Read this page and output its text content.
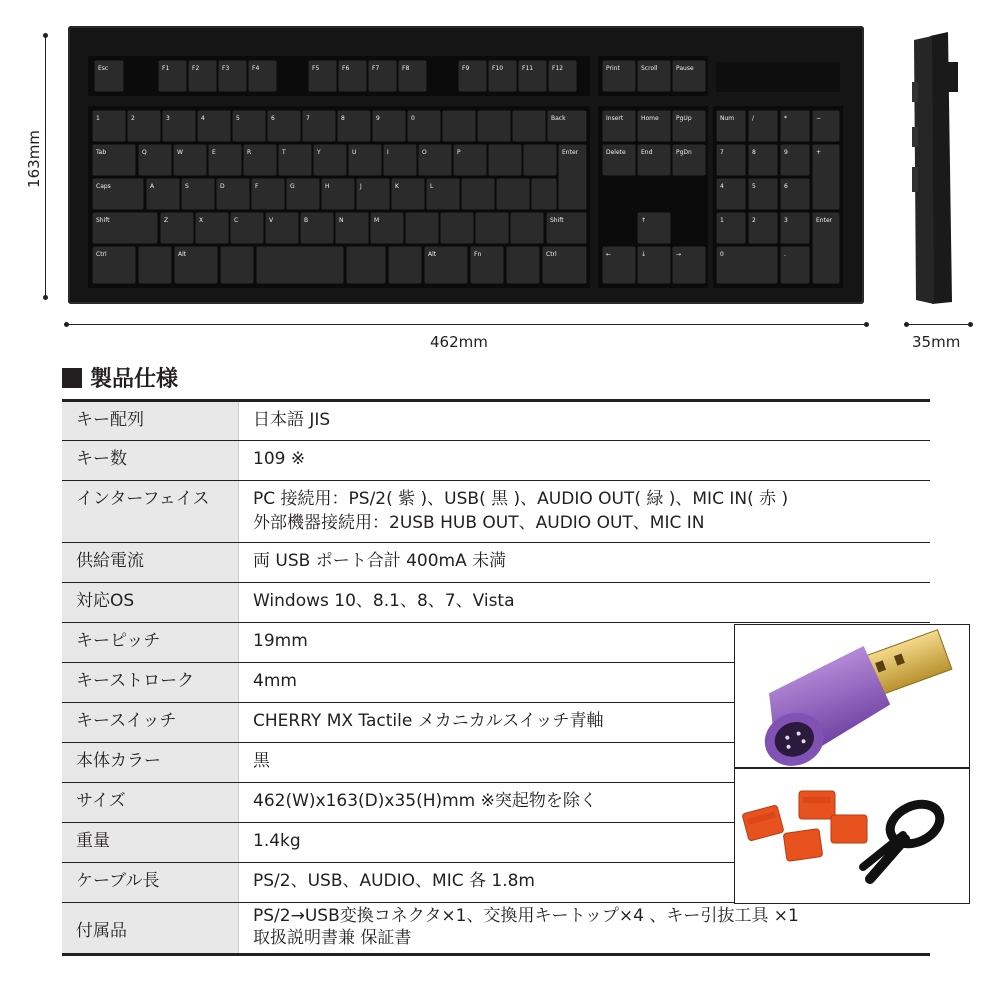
Esc	F1	F2	F3	F4	F5	F6	F7	F8	F9	F10	F11	F12	Print	Scroll	Pause
1	2	3	4	5	6	7	8	9	0	Back
Tab	Q	W	E	R	T	Y	U	I	O	P	Enter
Caps	A	S	D	F	G	H	J	K	L
Shift	Z	X	C	V	B	N	M	Shift
Ctrl	Alt	Alt	Fn	Ctrl
Insert	Home	PgUp
Delete	End	PgDn
↑
←	↓	→
Num	/	*	−
7	8	9	+
4	5	6
1	2	3	Enter
0	.
163mm
462mm	35mm
製品仕様
キー配列	日本語 JIS

キー数	109 ※

インターフェイス	PC 接続用：PS/2( 紫 )、USB( 黒 )、AUDIO OUT( 緑 )、MIC IN( 赤 )
外部機器接続用：2USB HUB OUT、AUDIO OUT、MIC IN

供給電流	両 USB ポート合計 400mA 未満

対応OS	Windows 10、8.1、8、7、Vista

キーピッチ	19mm

キーストローク	4mm

キースイッチ	CHERRY MX Tactile メカニカルスイッチ青軸

本体カラー	黒

サイズ	462(W)x163(D)x35(H)mm ※突起物を除く

重量	1.4kg

ケーブル長	PS/2、USB、AUDIO、MIC 各 1.8m

付属品	PS/2→USB変換コネクタ×1、交換用キートップ×4 、キー引抜工具 ×1
取扱説明書兼 保証書
